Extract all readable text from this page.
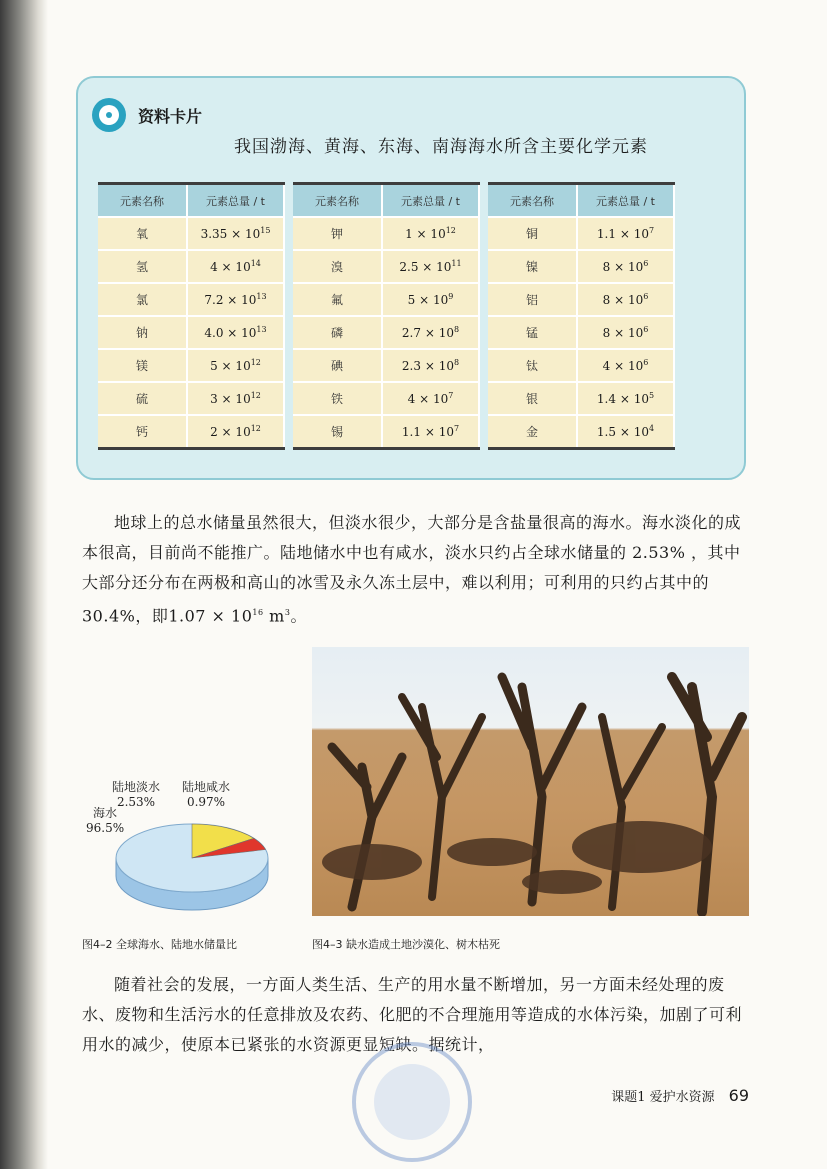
资料卡片
我国渤海、黄海、东海、南海海水所含主要化学元素
元素名称	元素总量 / t
氧	$3.35 \times 10^{15}$
氢	$4 \times 10^{14}$
氯	$7.2 \times 10^{13}$
钠	$4.0 \times 10^{13}$
镁	$5 \times 10^{12}$
硫	$3 \times 10^{12}$
钙	$2 \times 10^{12}$
元素名称	元素总量 / t
钾	$1 \times 10^{12}$
溴	$2.5 \times 10^{11}$
氟	$5 \times 10^9$
磷	$2.7 \times 10^8$
碘	$2.3 \times 10^8$
铁	$4 \times 10^7$
锡	$1.1 \times 10^7$
元素名称	元素总量 / t
铜	$1.1 \times 10^7$
镍	$8 \times 10^6$
铝	$8 \times 10^6$
锰	$8 \times 10^6$
钛	$4 \times 10^6$
银	$1.4 \times 10^5$
金	$1.5 \times 10^4$

地球上的总水储量虽然很大，但淡水很少，大部分是含盐量很高的海水。海水淡化的成本很高，目前尚不能推广。陆地储水中也有咸水，淡水只约占全球水储量的 2.53% ，其中大部分还分布在两极和高山的冰雪及永久冻土层中，难以利用；可利用的只约占其中的30.4%，即$1.07 \times 10^{16}$ $m^3$。

海水
96.5%
陆地淡水
2.53%
陆地咸水
0.97%
图4–2 全球海水、陆地水储量比	图4–3 缺水造成土地沙漠化、树木枯死

随着社会的发展，一方面人类生活、生产的用水量不断增加，另一方面未经处理的废水、废物和生活污水的任意排放及农药、化肥的不合理施用等造成的水体污染，加剧了可利用水的减少，使原本已紧张的水资源更显短缺。据统计，

课题1 爱护水资源 69
